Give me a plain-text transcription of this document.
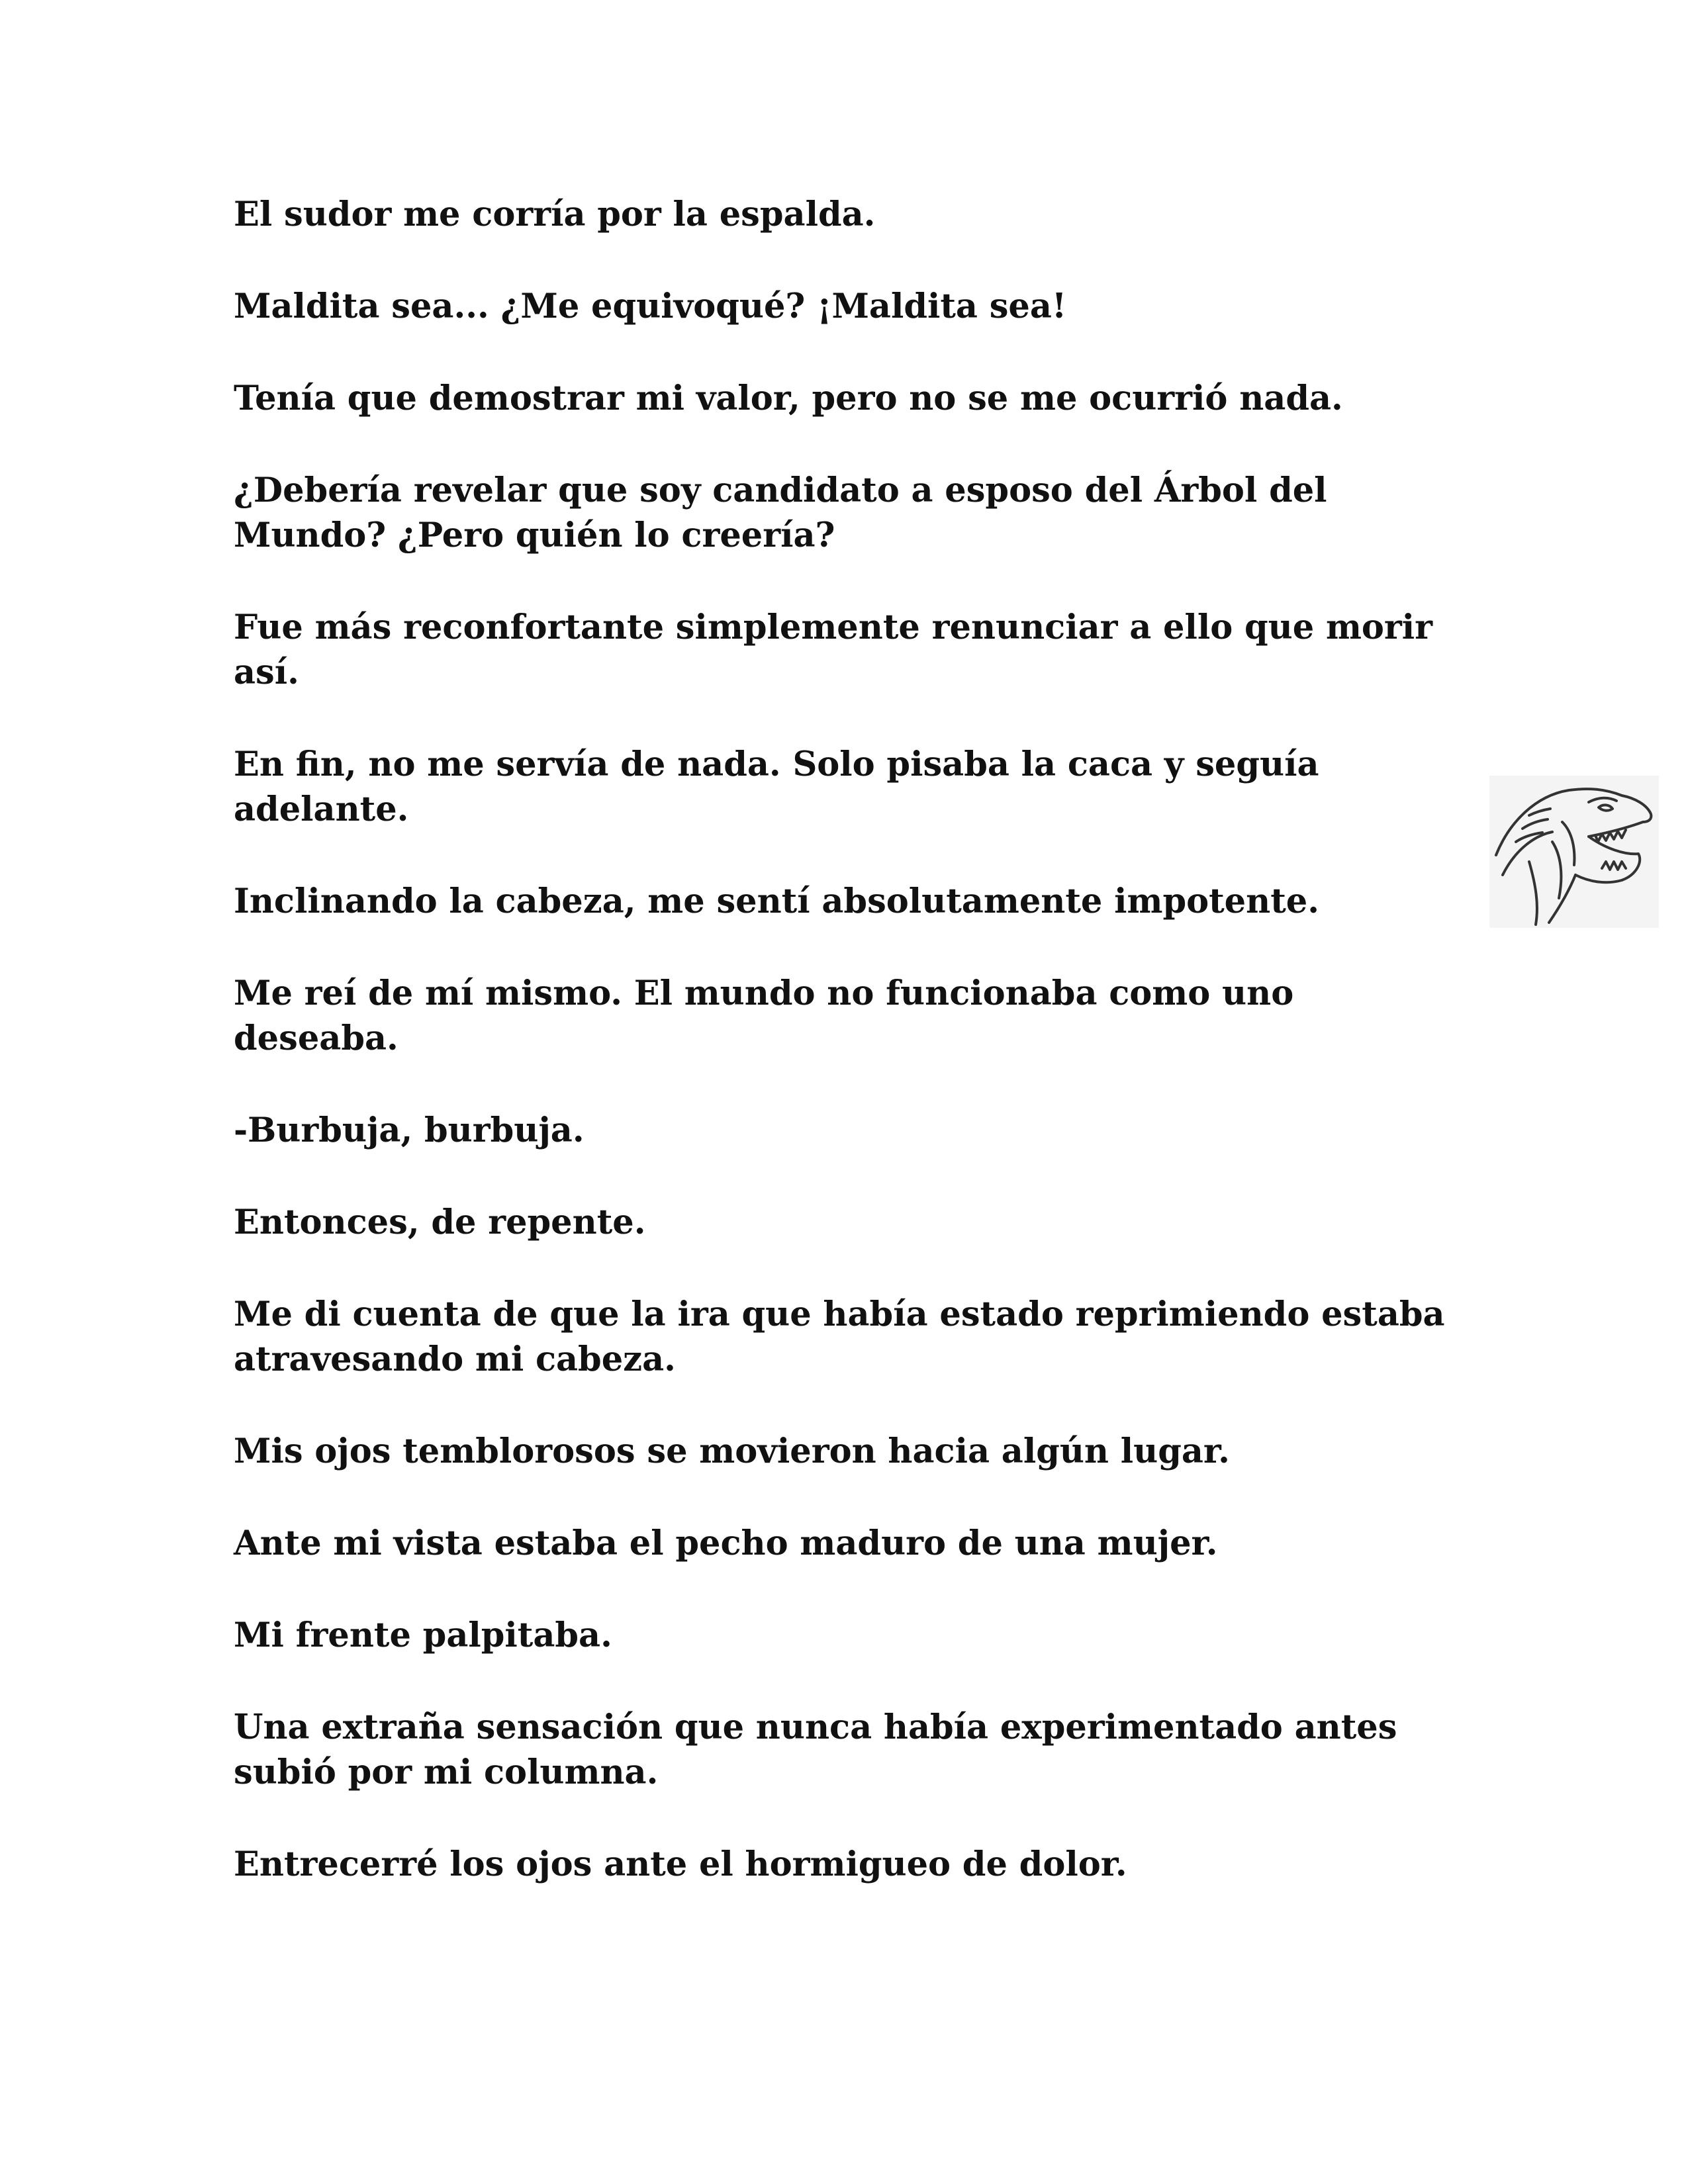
El sudor me corría por la espalda.

Maldita sea... ¿Me equivoqué? ¡Maldita sea!

Tenía que demostrar mi valor, pero no se me ocurrió nada.

¿Debería revelar que soy candidato a esposo del Árbol del Mundo? ¿Pero quién lo creería?

Fue más reconfortante simplemente renunciar a ello que morir así.

En fin, no me servía de nada. Solo pisaba la caca y seguía adelante.

Inclinando la cabeza, me sentí absolutamente impotente.

Me reí de mí mismo. El mundo no funcionaba como uno deseaba.

-Burbuja, burbuja.

Entonces, de repente.

Me di cuenta de que la ira que había estado reprimiendo estaba atravesando mi cabeza.

Mis ojos temblorosos se movieron hacia algún lugar.

Ante mi vista estaba el pecho maduro de una mujer.

Mi frente palpitaba.

Una extraña sensación que nunca había experimentado antes subió por mi columna.

Entrecerré los ojos ante el hormigueo de dolor.
